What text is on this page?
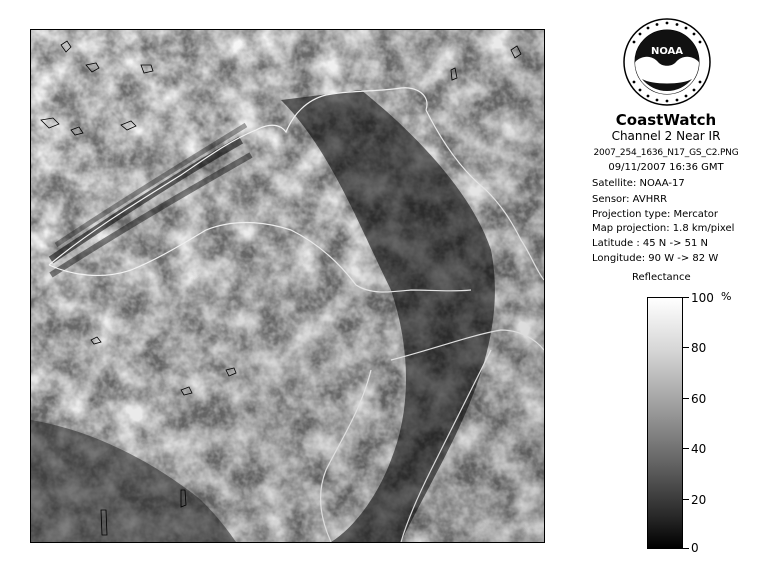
NOAA
CoastWatch
Channel 2 Near IR
2007_254_1636_N17_GS_C2.PNG
09/11/2007 16:36 GMT
Satellite: NOAA-17
Sensor: AVHRR
Projection type: Mercator
Map projection: 1.8 km/pixel
Latitude : 45 N -> 51 N
Longitude: 90 W -> 82 W
Reflectance
%
100
80
60
40
20
0
